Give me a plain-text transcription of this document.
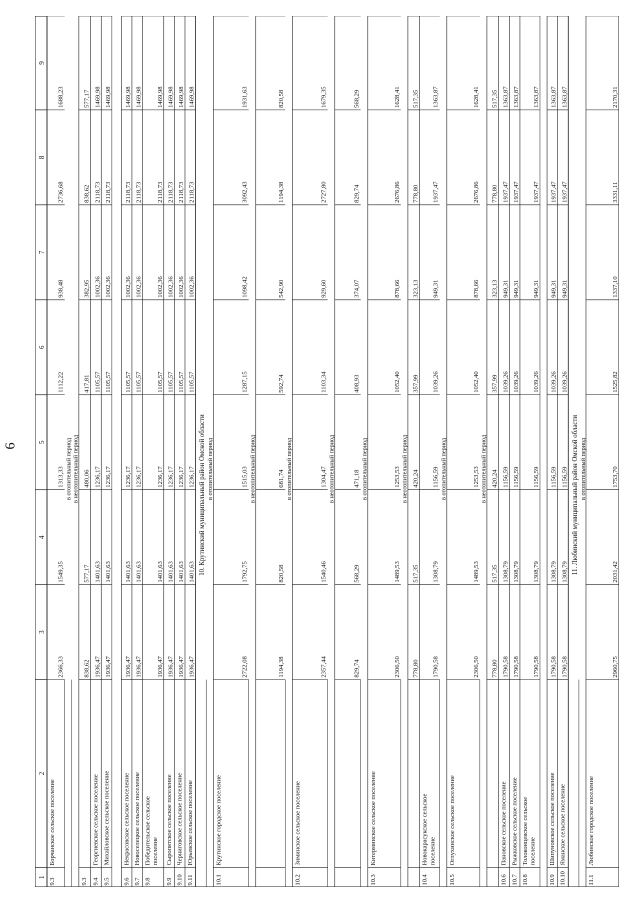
6
1
2
3
4
5
6
7
8
9
9.3
Борчанское сельское поселение
2366,33
1549,35
1313,33
1112,22
938,48
2736,68
1688,23
в отопительный период в неотопительный период
9.3
838,62
577,17
480,06
417,81
382,95
838,62
577,17
9.4
Георгиевское сельское поселение
1936,47
1401,63
1236,17
1105,57
1002,36
2118,73
1469,98
9.5
Михайловское сельское поселение
1936,47
1401,63
1236,17
1105,57
1002,36
2118,73
1469,98
9.6
Некрасовское сельское поселение
1936,47
1401,63
1236,17
1105,57
1002,36
2118,73
1469,98
9.7
Новоселецкое сельское поселение
1936,47
1401,63
1236,17
1105,57
1002,36
2118,73
1469,98
9.8
Победительское сельское поселение
1936,47
1401,63
1236,17
1105,57
1002,36
2118,73
1469,98
9.9
Сыропятское сельское поселение
1936,47
1401,63
1236,17
1105,57
1002,36
2118,73
1469,98
9.10
Черниговское сельское поселение
1936,47
1401,63
1236,17
1105,57
1002,36
2118,73
1469,98
9.11
Юрьевское сельское поселение
1936,47
1401,63
1236,17
1105,57
1002,36
2118,73
1469,98
10. Крутинский муниципальный район Омской области в отопительный период
10.1
Крутинское городское поселение
2722,08
1792,75
1515,03
1287,15
1098,42
3092,43
1931,63
в неотопительный период
1194,38
820,58
681,74
592,74
542,90
1194,38
820,58
в отопительный период
10.2
Зиминское сельское поселение
2357,44
1540,46
1304,47
1103,34
929,60
2727,80
1679,35
в неотопительный период
829,74
568,29
471,18
408,93
374,07
829,74
568,29
в отопительный период
10.3
Китерминское сельское поселение
2306,50
1489,53
1253,53
1052,40
878,66
2676,86
1628,41
в неотопительный период
778,80
517,35
420,24
357,99
323,13
778,80
517,35
10.4
Новокарасукское сельское поселение
1790,58
1308,79
1156,59
1039,26
949,31
1937,47
1363,87
в отопительный период
10.5
Оглухинское сельское поселение
2306,50
1489,53
1253,53
1052,40
878,66
2676,86
1628,41
в неотопительный период
778,80
517,35
420,24
357,99
323,13
778,80
517,35
10.6
Пановское сельское поселение
1790,58
1308,79
1156,59
1039,26
949,31
1937,47
1363,87
10.7
Рыжковское сельское поселение
1790,58
1308,79
1156,59
1039,26
949,31
1937,47
1363,87
10.8
Толоконцевское сельское поселение
1790,58
1308,79
1156,59
1039,26
949,31
1937,47
1363,87
10.9
Шипуновское сельское поселение
1790,58
1308,79
1156,59
1039,26
949,31
1937,47
1363,87
10.10
Яманское сельское поселение
1790,58
1308,79
1156,59
1039,26
949,31
1937,47
1363,87
11. Любинский муниципальный район Омской области в отопительный период
11.1
Любинское городское поселение
2960,75
2031,42
1753,70
1525,82
1337,10
3331,11
2170,31
